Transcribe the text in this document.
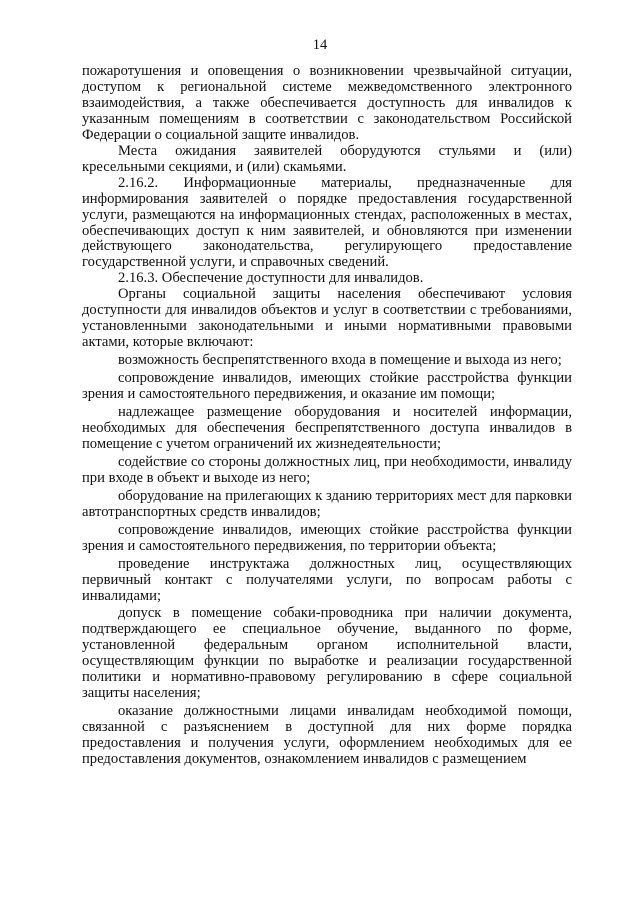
14

пожаротушения и оповещения о возникновении чрезвычайной ситуации, доступом к региональной системе межведомственного электронного взаимодействия, а также обеспечивается доступность для инвалидов к указанным помещениям в соответствии с законодательством Российской Федерации о социальной защите инвалидов.

Места ожидания заявителей оборудуются стульями и (или) кресельными секциями, и (или) скамьями.

2.16.2. Информационные материалы, предназначенные для информирования заявителей о порядке предоставления государственной услуги, размещаются на информационных стендах, расположенных в местах, обеспечивающих доступ к ним заявителей, и обновляются при изменении действующего законодательства, регулирующего предоставление государственной услуги, и справочных сведений.

2.16.3. Обеспечение доступности для инвалидов.

Органы социальной защиты населения обеспечивают условия доступности для инвалидов объектов и услуг в соответствии с требованиями, установленными законодательными и иными нормативными правовыми актами, которые включают:

возможность беспрепятственного входа в помещение и выхода из него;

сопровождение инвалидов, имеющих стойкие расстройства функции зрения и самостоятельного передвижения, и оказание им помощи;

надлежащее размещение оборудования и носителей информации, необходимых для обеспечения беспрепятственного доступа инвалидов в помещение с учетом ограничений их жизнедеятельности;

содействие со стороны должностных лиц, при необходимости, инвалиду при входе в объект и выходе из него;

оборудование на прилегающих к зданию территориях мест для парковки автотранспортных средств инвалидов;

сопровождение инвалидов, имеющих стойкие расстройства функции зрения и самостоятельного передвижения, по территории объекта;

проведение инструктажа должностных лиц, осуществляющих первичный контакт с получателями услуги, по вопросам работы с инвалидами;

допуск в помещение собаки-проводника при наличии документа, подтверждающего ее специальное обучение, выданного по форме, установленной федеральным органом исполнительной власти, осуществляющим функции по выработке и реализации государственной политики и нормативно-правовому регулированию в сфере социальной защиты населения;

оказание должностными лицами инвалидам необходимой помощи, связанной с разъяснением в доступной для них форме порядка предоставления и получения услуги, оформлением необходимых для ее предоставления документов, ознакомлением инвалидов с размещением
